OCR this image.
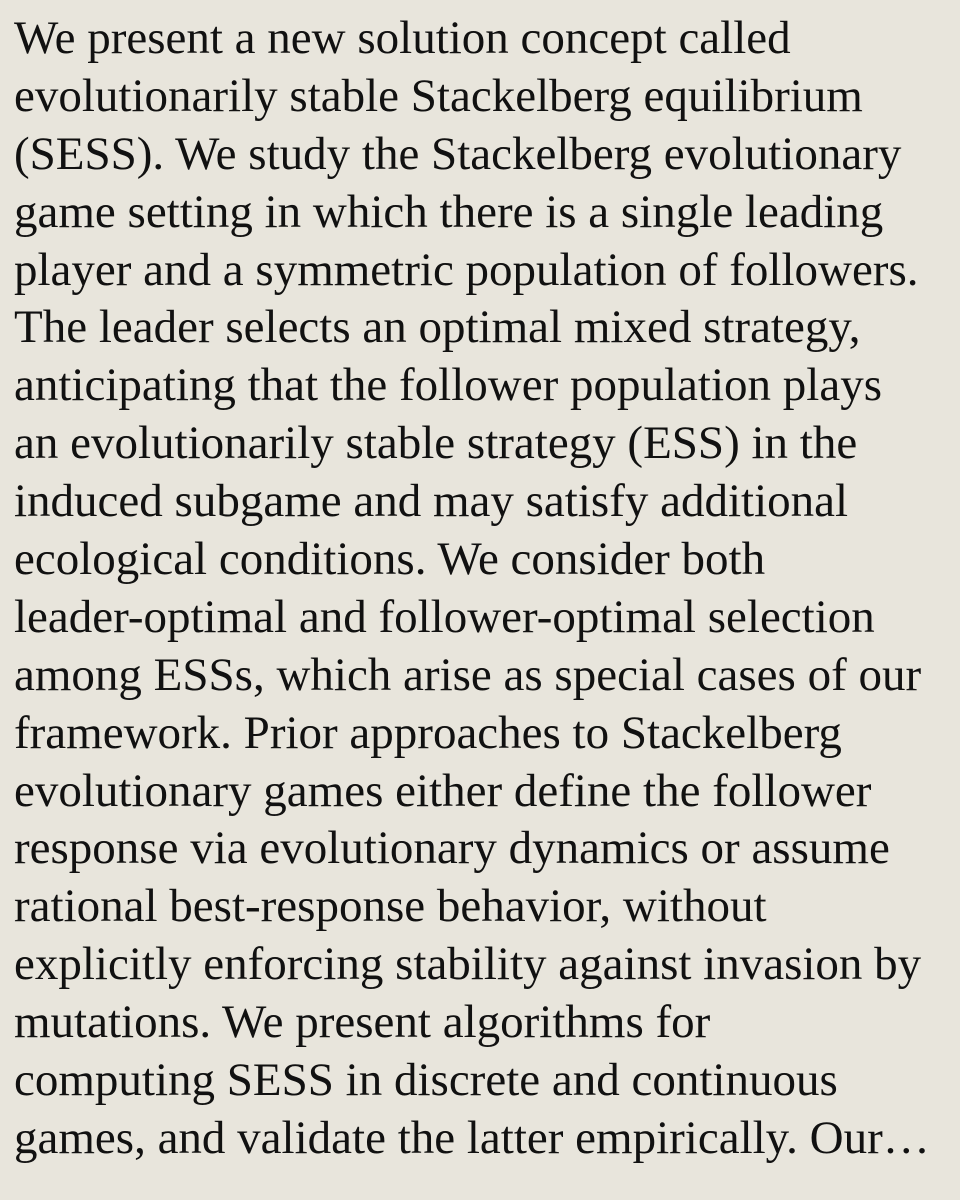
We present a new solution concept called
evolutionarily stable Stackelberg equilibrium
(SESS). We study the Stackelberg evolutionary
game setting in which there is a single leading
player and a symmetric population of followers.
The leader selects an optimal mixed strategy,
anticipating that the follower population plays
an evolutionarily stable strategy (ESS) in the
induced subgame and may satisfy additional
ecological conditions. We consider both
leader-optimal and follower-optimal selection
among ESSs, which arise as special cases of our
framework. Prior approaches to Stackelberg
evolutionary games either define the follower
response via evolutionary dynamics or assume
rational best-response behavior, without
explicitly enforcing stability against invasion by
mutations. We present algorithms for
computing SESS in discrete and continuous
games, and validate the latter empirically. Our…
